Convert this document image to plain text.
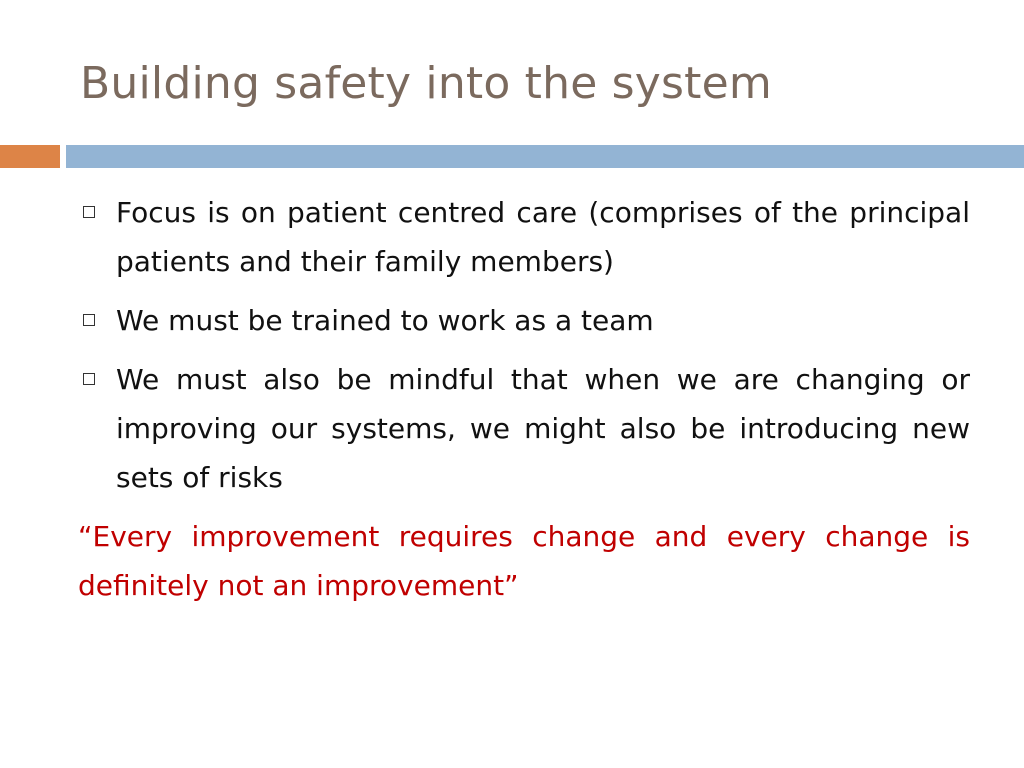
Building safety into the system
Focus is on patient centred care (comprises of the principal patients and their family members)
We must be trained to work as a team
We must also be mindful that when we are changing or improving our systems, we might also be introducing new sets of risks

“Every improvement requires change and every change is definitely not an improvement”
